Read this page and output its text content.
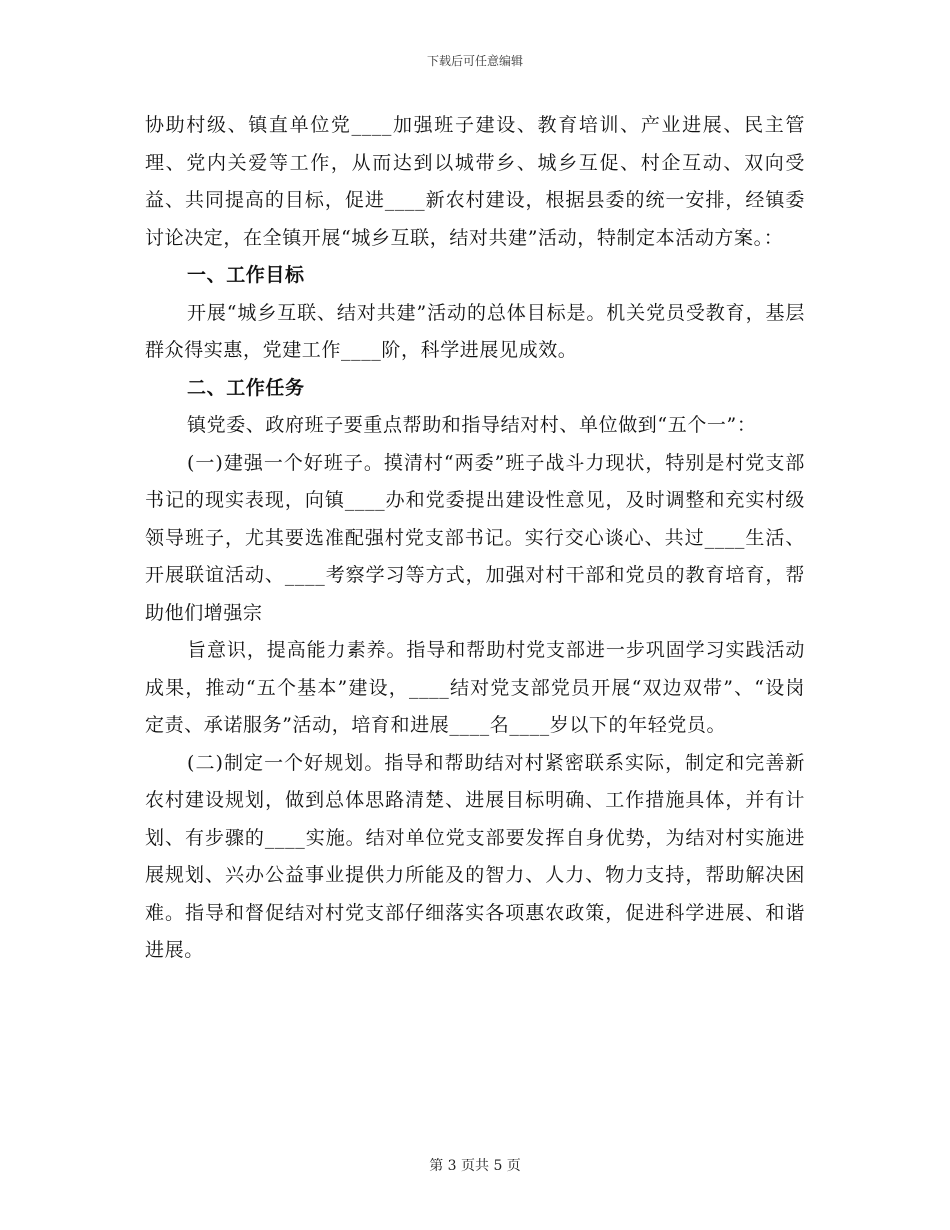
下载后可任意编辑

协助村级、镇直单位党____加强班子建设、教育培训、产业进展、民主管理、党内关爱等工作，从而达到以城带乡、城乡互促、村企互动、双向受益、共同提高的目标，促进____新农村建设，根据县委的统一安排，经镇委讨论决定，在全镇开展“城乡互联，结对共建”活动，特制定本活动方案。：

一、工作目标

开展“城乡互联、结对共建”活动的总体目标是。机关党员受教育，基层群众得实惠，党建工作____阶，科学进展见成效。

二、工作任务

镇党委、政府班子要重点帮助和指导结对村、单位做到“五个一”：

(一)建强一个好班子。摸清村“两委”班子战斗力现状，特别是村党支部书记的现实表现，向镇____办和党委提出建设性意见，及时调整和充实村级领导班子，尤其要选准配强村党支部书记。实行交心谈心、共过____生活、开展联谊活动、____考察学习等方式，加强对村干部和党员的教育培育，帮助他们增强宗

旨意识，提高能力素养。指导和帮助村党支部进一步巩固学习实践活动成果，推动“五个基本”建设，____结对党支部党员开展“双边双带”、“设岗定责、承诺服务”活动，培育和进展____名____岁以下的年轻党员。

(二)制定一个好规划。指导和帮助结对村紧密联系实际，制定和完善新农村建设规划，做到总体思路清楚、进展目标明确、工作措施具体，并有计划、有步骤的____实施。结对单位党支部要发挥自身优势，为结对村实施进展规划、兴办公益事业提供力所能及的智力、人力、物力支持，帮助解决困难。指导和督促结对村党支部仔细落实各项惠农政策，促进科学进展、和谐进展。

第 3 页共 5 页
